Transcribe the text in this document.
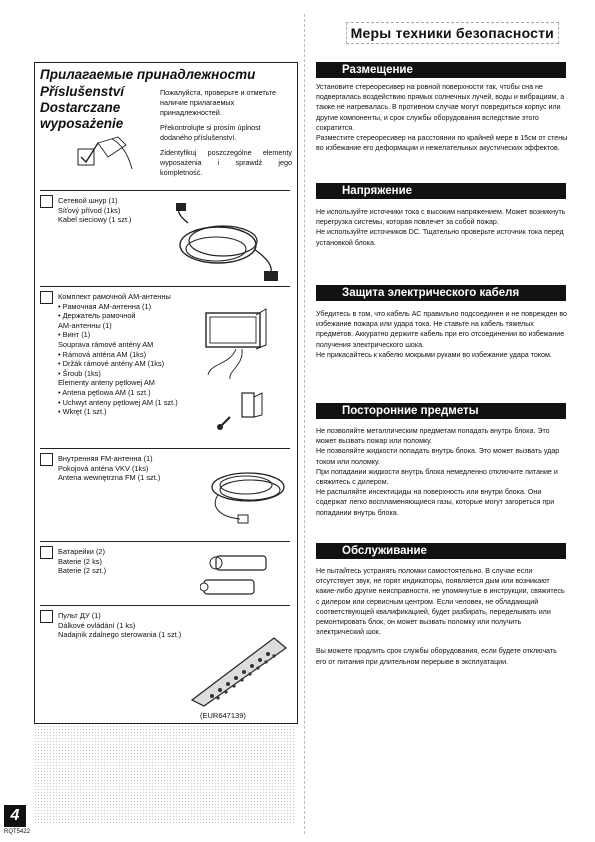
Меры техники безопасности
Прилагаемые принадлежности
Příslušenství
Dostarczane
wyposażenie

Пожалуйста, проверьте и отметьте наличие прилагаемых принадлежностей.

Překontrolujte si prosím úplnost dodaného příslušenství.

Zidentyfikuj poszczególne elementy wyposażenia i sprawdź jego kompletność.

Сетевой шнур (1)
Síťový přívod (1ks)
Kabel sieciowy (1 szt.)
Комплект рамочной АМ-антенны
• Рамочная АМ-антенна (1)
• Держатель рамочной
АМ-антенны (1)
• Винт (1)
Souprava rámové antény AM
• Rámová anténa AM (1ks)
• Držák rámové antény AM (1ks)
• Šroub (1ks)
Elementy anteny pętlowej AM
• Antena pętlowa AM (1 szt.)
• Uchwyt anteny pętlowej AM (1 szt.)
• Wkręt (1 szt.)
Внутренняя FM-антенна (1)
Pokojová anténa VKV (1ks)
Antena wewnętrzna FM (1 szt.)
Батарейки (2)
Baterie (2 ks)
Baterie (2 szt.)
Пульт ДУ (1)
Dálkové ovládání (1 ks)
Nadajnik zdalnego sterowania (1 szt.)
(EUR647139)
4
RQT5422
Размещение

Установите стереоресивер на ровной поверхности так, чтобы сна не подвергалась воздействию прямых солнечных лучей, воды и вибрациям, а также не нагревалась. В противном случае могут повредиться корпус или другие компоненты, и срок службы оборудования вследствие этого сократится.

Разместите стереоресивер на расстоянии по крайней мере в 15см от стены во избежание его деформации и нежелательных акустических эффектов.

Напряжение

Не используйте источники тока с высоким напряжением. Может возникнуть перегрузка системы, которая повлечет за собой пожар.

Не используйте источников DC. Тщательно проверьте источник тока перед установкой блока.

Защита электрического кабеля

Убедитесь в том, что кабель АС правильно подсоединен и не поврежден во избежание пожара или удара тока. Не ставьте на кабель тяжелых предметов. Аккуратно держите кабель при его отсоединении во избежание получения электрического шока.

Не прикасайтесь к кабелю мокрыми руками во избежание удара током.

Посторонние предметы

Не позволяйте металлическим предметам попадать внутрь блока. Это может вызвать пожар или поломку.

Не позволяйте жидкости попадать внутрь блока. Это может вызвать удар током или поломку.

При попадании жидкости внутрь блока немедленно отключите питание и свяжитесь с дилером.

Не распыляйте инсектициды на поверхность или внутри блока. Они содержат легко воспламеняющиеся газы, которые могут загореться при попадании внутрь блока.

Обслуживание

Не пытайтесь устранять поломки самостоятельно. В случае если отсутствует звук, не горят индикаторы, появляется дым или возникают какие-либо другие неисправности, не упомянутые в инструкции, свяжитесь с дилером или сервисным центром. Если человек, не обладающий соответствующей квалификацией, будет разбирать, переделывать или ремонтировать блок, он может вызвать поломку или получить электрический шок.

Вы можете продлить срок службы оборудования, если будете отключать его от питания при длительном перерыве в эксплуатации.
